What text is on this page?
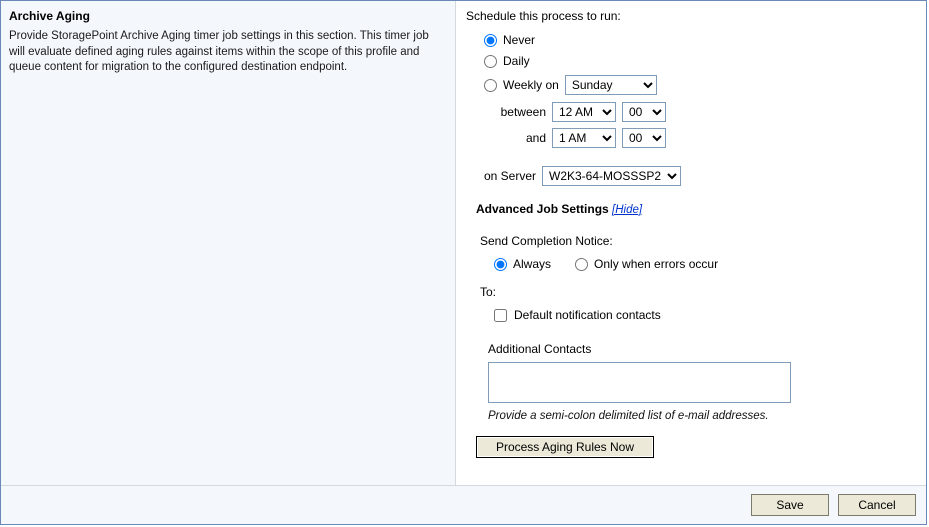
Archive Aging
Provide StoragePoint Archive Aging timer job settings in this section. This timer job will evaluate defined aging rules against items within the scope of this profile and queue content for migration to the configured destination endpoint.
Schedule this process to run:
Never
Daily
Weekly on
Sunday
between
12 AM
00
and
1 AM
00
on Server
W2K3-64-MOSSSP2
Advanced Job Settings [Hide]
Send Completion Notice:
Always	Only when errors occur
To:
Default notification contacts
Additional Contacts
Provide a semi-colon delimited list of e-mail addresses.
Process Aging Rules Now
Save	Cancel
